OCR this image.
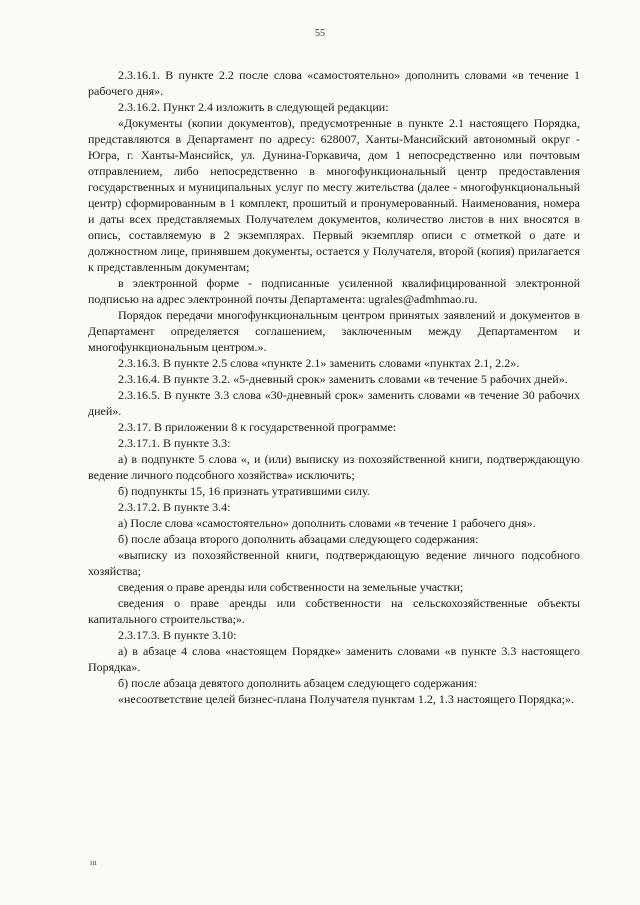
55

2.3.16.1. В пункте 2.2 после слова «самостоятельно» дополнить словами «в течение 1 рабочего дня».

2.3.16.2. Пункт 2.4 изложить в следующей редакции:

«Документы (копии документов), предусмотренные в пункте 2.1 настоящего Порядка, представляются в Департамент по адресу: 628007, Ханты-Мансийский автономный округ - Югра, г. Ханты-Мансийск, ул. Дунина-Горкавича, дом 1 непосредственно или почтовым отправлением, либо непосредственно в многофункциональный центр предоставления государственных и муниципальных услуг по месту жительства (далее - многофункциональный центр) сформированным в 1 комплект, прошитый и пронумерованный. Наименования, номера и даты всех представляемых Получателем документов, количество листов в них вносятся в опись, составляемую в 2 экземплярах. Первый экземпляр описи с отметкой о дате и должностном лице, принявшем документы, остается у Получателя, второй (копия) прилагается к представленным документам;

в электронной форме - подписанные усиленной квалифицированной электронной подписью на адрес электронной почты Департамента: ugrales@admhmao.ru.

Порядок передачи многофункциональным центром принятых заявлений и документов в Департамент определяется соглашением, заключенным между Департаментом и многофункциональным центром.».

2.3.16.3. В пункте 2.5 слова «пункте 2.1» заменить словами «пунктах 2.1, 2.2».

2.3.16.4. В пункте 3.2. «5-дневный срок» заменить словами «в течение 5 рабочих дней».

2.3.16.5. В пункте 3.3 слова «30-дневный срок» заменить словами «в течение 30 рабочих дней».

2.3.17. В приложении 8 к государственной программе:

2.3.17.1. В пункте 3.3:

а) в подпункте 5 слова «, и (или) выписку из похозяйственной книги, подтверждающую ведение личного подсобного хозяйства» исключить;

б) подпункты 15, 16 признать утратившими силу.

2.3.17.2. В пункте 3.4:

а) После слова «самостоятельно» дополнить словами «в течение 1 рабочего дня».

б) после абзаца второго дополнить абзацами следующего содержания:

«выписку из похозяйственной книги, подтверждающую ведение личного подсобного хозяйства;

сведения о праве аренды или собственности на земельные участки;

сведения о праве аренды или собственности на сельскохозяйственные объекты капитального строительства;».

2.3.17.3. В пункте 3.10:

а) в абзаце 4 слова «настоящем Порядке» заменить словами «в пункте 3.3 настоящего Порядка».

б) после абзаца девятого дополнить абзацем следующего содержания:

«несоответствие целей бизнес-плана Получателя пунктам 1.2, 1.3 настоящего Порядка;».

ııı
